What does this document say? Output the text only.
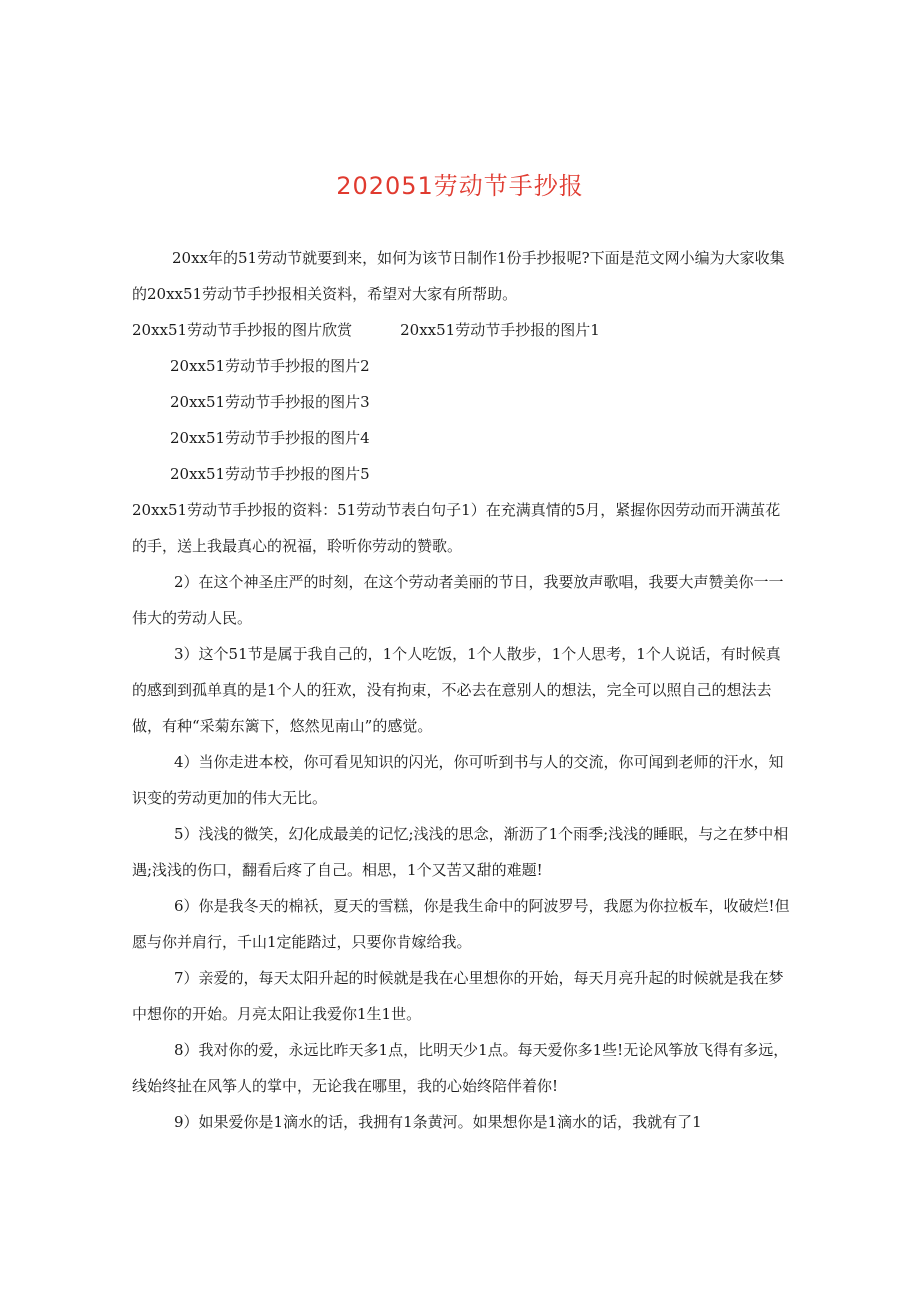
202051劳动节手抄报

20xx年的51劳动节就要到来，如何为该节日制作1份手抄报呢?下面是范文网小编为大家收集的20xx51劳动节手抄报相关资料，希望对大家有所帮助。

20xx51劳动节手抄报的图片欣赏	20xx51劳动节手抄报的图片1

20xx51劳动节手抄报的图片2

20xx51劳动节手抄报的图片3

20xx51劳动节手抄报的图片4

20xx51劳动节手抄报的图片5

20xx51劳动节手抄报的资料：51劳动节表白句子1）在充满真情的5月，紧握你因劳动而开满茧花的手，送上我最真心的祝福，聆听你劳动的赞歌。

2）在这个神圣庄严的时刻，在这个劳动者美丽的节日，我要放声歌唱，我要大声赞美你一一伟大的劳动人民。

3）这个51节是属于我自己的，1个人吃饭，1个人散步，1个人思考，1个人说话，有时候真的感到到孤单真的是1个人的狂欢，没有拘束，不必去在意别人的想法，完全可以照自己的想法去做，有种“采菊东篱下，悠然见南山”的感觉。

4）当你走进本校，你可看见知识的闪光，你可听到书与人的交流，你可闻到老师的汗水，知识变的劳动更加的伟大无比。

5）浅浅的微笑，幻化成最美的记忆;浅浅的思念，渐沥了1个雨季;浅浅的睡眠，与之在梦中相遇;浅浅的伤口，翻看后疼了自己。相思，1个又苦又甜的难题!

6）你是我冬天的棉袄，夏天的雪糕，你是我生命中的阿波罗号，我愿为你拉板车，收破烂!但愿与你并肩行，千山1定能踏过，只要你肯嫁给我。

7）亲爱的，每天太阳升起的时候就是我在心里想你的开始，每天月亮升起的时候就是我在梦中想你的开始。月亮太阳让我爱你1生1世。

8）我对你的爱，永远比昨天多1点，比明天少1点。每天爱你多1些!无论风筝放飞得有多远，线始终扯在风筝人的掌中，无论我在哪里，我的心始终陪伴着你!

9）如果爱你是1滴水的话，我拥有1条黄河。如果想你是1滴水的话，我就有了1
